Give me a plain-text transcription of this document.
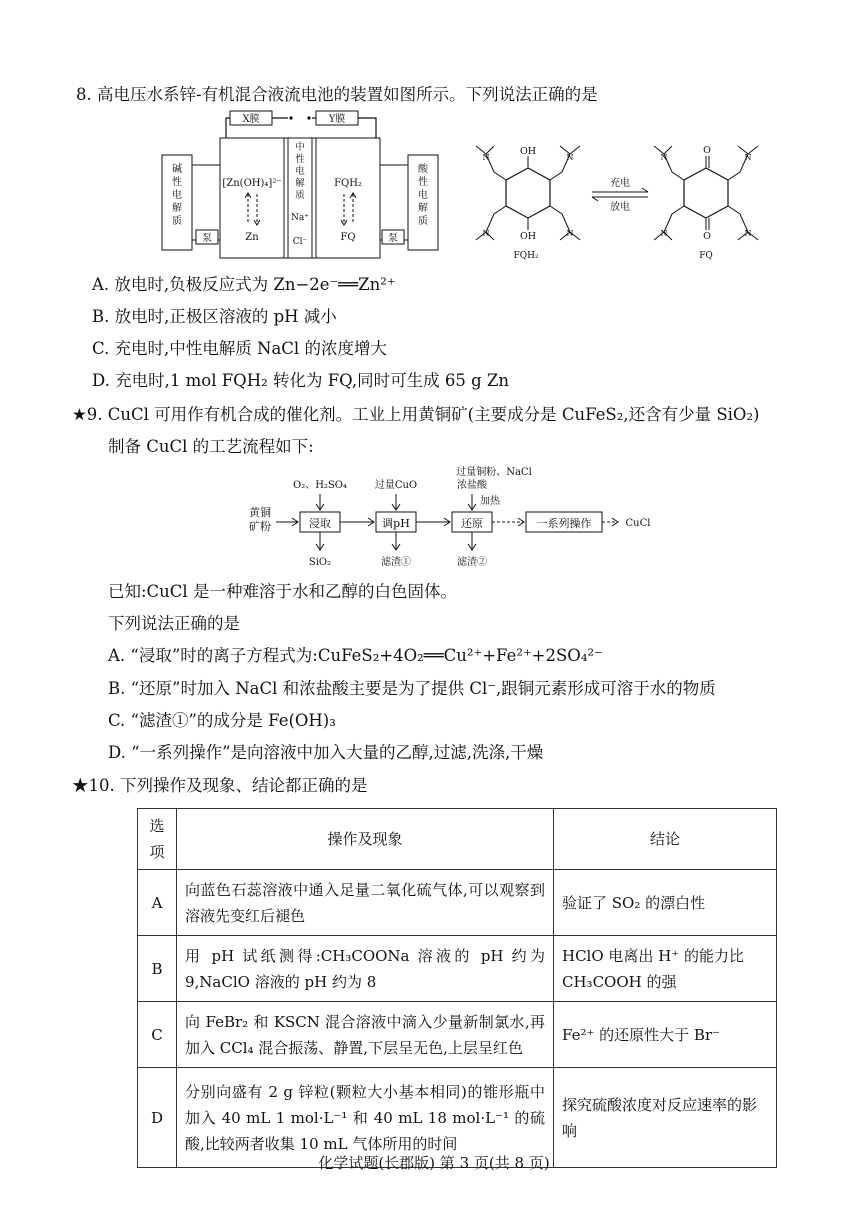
8. 高电压水系锌-有机混合液流电池的装置如图所示。下列说法正确的是
X膜	Y膜
碱性电解质
酸性电解质
泵	泵
中性电解质
Na⁺
Cl⁻
[Zn(OH)₄]²⁻
Zn
FQH₂
FQ
OH
OH
N	N
N	N
FQH₂
充电
放电
O
O
N	N
N	N
FQ
A. 放电时,负极反应式为 Zn−2e⁻══Zn²⁺
B. 放电时,正极区溶液的 pH 减小
C. 充电时,中性电解质 NaCl 的浓度增大
D. 充电时,1 mol FQH₂ 转化为 FQ,同时可生成 65 g Zn
★9. CuCl 可用作有机合成的催化剂。工业上用黄铜矿(主要成分是 CuFeS₂,还含有少量 SiO₂)
制备 CuCl 的工艺流程如下:
黄铜
矿粉	浸取
O₂、H₂SO₄
SiO₂
调pH
过量CuO
滤渣①
还原
过量铜粉、NaCl
浓盐酸
加热
滤渣②
一系列操作	CuCl
已知:CuCl 是一种难溶于水和乙醇的白色固体。
下列说法正确的是
A. “浸取”时的离子方程式为:CuFeS₂+4O₂══Cu²⁺+Fe²⁺+2SO₄²⁻
B. “还原”时加入 NaCl 和浓盐酸主要是为了提供 Cl⁻,跟铜元素形成可溶于水的物质
C. “滤渣①”的成分是 Fe(OH)₃
D. “一系列操作”是向溶液中加入大量的乙醇,过滤,洗涤,干燥
★10. 下列操作及现象、结论都正确的是
选项	操作及现象	结论
A	向蓝色石蕊溶液中通入足量二氧化硫气体,可以观察到溶液先变红后褪色	验证了 SO₂ 的漂白性
B	用 pH 试纸测得:CH₃COONa 溶液的 pH 约为 9,NaClO 溶液的 pH 约为 8	HClO 电离出 H⁺ 的能力比 CH₃COOH 的强
C	向 FeBr₂ 和 KSCN 混合溶液中滴入少量新制氯水,再加入 CCl₄ 混合振荡、静置,下层呈无色,上层呈红色	Fe²⁺ 的还原性大于 Br⁻
D	分别向盛有 2 g 锌粒(颗粒大小基本相同)的锥形瓶中加入 40 mL 1 mol·L⁻¹ 和 40 mL 18 mol·L⁻¹ 的硫酸,比较两者收集 10 mL 气体所用的时间	探究硫酸浓度对反应速率的影响
化学试题(长郡版) 第 3 页(共 8 页)
